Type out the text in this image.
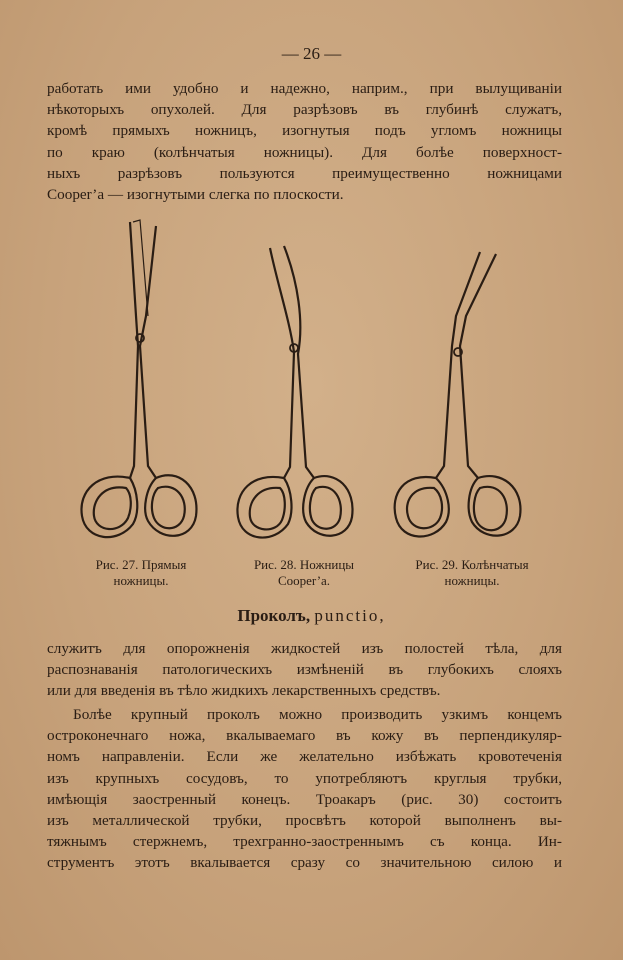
— 26 —
работать ими удобно и надежно, наприм., при вылущиванiи
нѣкоторыхъ опухолей. Для разрѣзовъ въ глубинѣ служатъ,
кромѣ прямыхъ ножницъ, изогнутыя подъ угломъ ножницы
по краю (колѣнчатыя ножницы). Для болѣе поверхност-
ныхъ разрѣзовъ пользуются преимущественно ножницами
Cooper’a — изогнутыми слегка по плоскости.
Рис. 27. Прямыя
ножницы.
Рис. 28. Ножницы
Cooper’a.
Рис. 29. Колѣнчатыя
ножницы.
Проколъ, punctio,
служитъ для опорожненiя жидкостей изъ полостей тѣла, для
распознаванiя патологическихъ измѣненiй въ глубокихъ слояхъ
или для введенiя въ тѣло жидкихъ лекарственныхъ средствъ.
Болѣе крупный проколъ можно производить узкимъ концемъ
остроконечнаго ножа, вкалываемаго въ кожу въ перпендикуляр-
номъ направленiи. Если же желательно избѣжать кровотеченiя
изъ крупныхъ сосудовъ, то употребляютъ круглыя трубки,
имѣющiя заостренный конецъ. Троакаръ (рис. 30) состоитъ
изъ металлической трубки, просвѣтъ которой выполненъ вы-
тяжнымъ стержнемъ, трехгранно-заостреннымъ съ конца. Ин-
струментъ этотъ вкалывается сразу со значительною силою и
